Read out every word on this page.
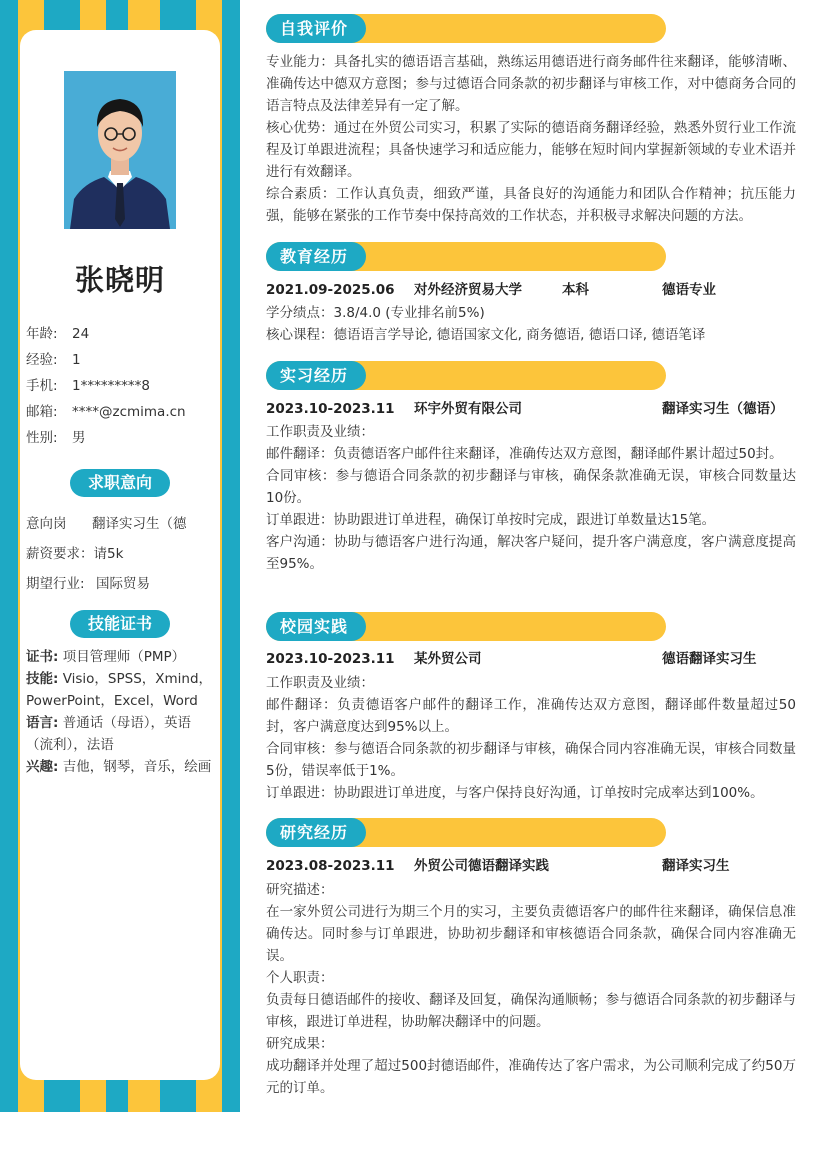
张晓明
年龄: 24
经验: 1
手机: 1*********8
邮箱: ****@zcmima.cn
性别: 男
求职意向
意向岗 翻译实习生（德
薪资要求：请5k
期望行业: 国际贸易
技能证书
证书: 项目管理师（PMP）
技能: Visio，SPSS，Xmind，PowerPoint，Excel，Word
语言: 普通话（母语），英语（流利），法语
兴趣: 吉他，钢琴，音乐，绘画
自我评价
专业能力：具备扎实的德语语言基础，熟练运用德语进行商务邮件往来翻译，能够清晰、准确传达中德双方意图；参与过德语合同条款的初步翻译与审核工作，对中德商务合同的语言特点及法律差异有一定了解。
核心优势：通过在外贸公司实习，积累了实际的德语商务翻译经验，熟悉外贸行业工作流程及订单跟进流程；具备快速学习和适应能力，能够在短时间内掌握新领域的专业术语并进行有效翻译。
综合素质：工作认真负责，细致严谨，具备良好的沟通能力和团队合作精神；抗压能力强，能够在紧张的工作节奏中保持高效的工作状态，并积极寻求解决问题的方法。
教育经历
2021.09-2025.06 对外经济贸易大学	本科	德语专业
学分绩点：3.8/4.0 (专业排名前5%)
核心课程：德语语言学导论, 德语国家文化, 商务德语, 德语口译, 德语笔译
实习经历
2023.10-2023.11 环宇外贸有限公司	翻译实习生（德语）
工作职责及业绩：
邮件翻译：负责德语客户邮件往来翻译，准确传达双方意图，翻译邮件累计超过50封。
合同审核：参与德语合同条款的初步翻译与审核，确保条款准确无误，审核合同数量达10份。
订单跟进：协助跟进订单进程，确保订单按时完成，跟进订单数量达15笔。
客户沟通：协助与德语客户进行沟通，解决客户疑问，提升客户满意度，客户满意度提高至95%。
校园实践
2023.10-2023.11 某外贸公司	德语翻译实习生
工作职责及业绩：
邮件翻译：负责德语客户邮件的翻译工作，准确传达双方意图，翻译邮件数量超过50封，客户满意度达到95%以上。
合同审核：参与德语合同条款的初步翻译与审核，确保合同内容准确无误，审核合同数量5份，错误率低于1%。
订单跟进：协助跟进订单进度，与客户保持良好沟通，订单按时完成率达到100%。
研究经历
2023.08-2023.11 外贸公司德语翻译实践	翻译实习生
研究描述：
在一家外贸公司进行为期三个月的实习，主要负责德语客户的邮件往来翻译，确保信息准确传达。同时参与订单跟进，协助初步翻译和审核德语合同条款，确保合同内容准确无误。
个人职责：
负责每日德语邮件的接收、翻译及回复，确保沟通顺畅；参与德语合同条款的初步翻译与审核，跟进订单进程，协助解决翻译中的问题。
研究成果：
成功翻译并处理了超过500封德语邮件，准确传达了客户需求，为公司顺利完成了约50万元的订单。
